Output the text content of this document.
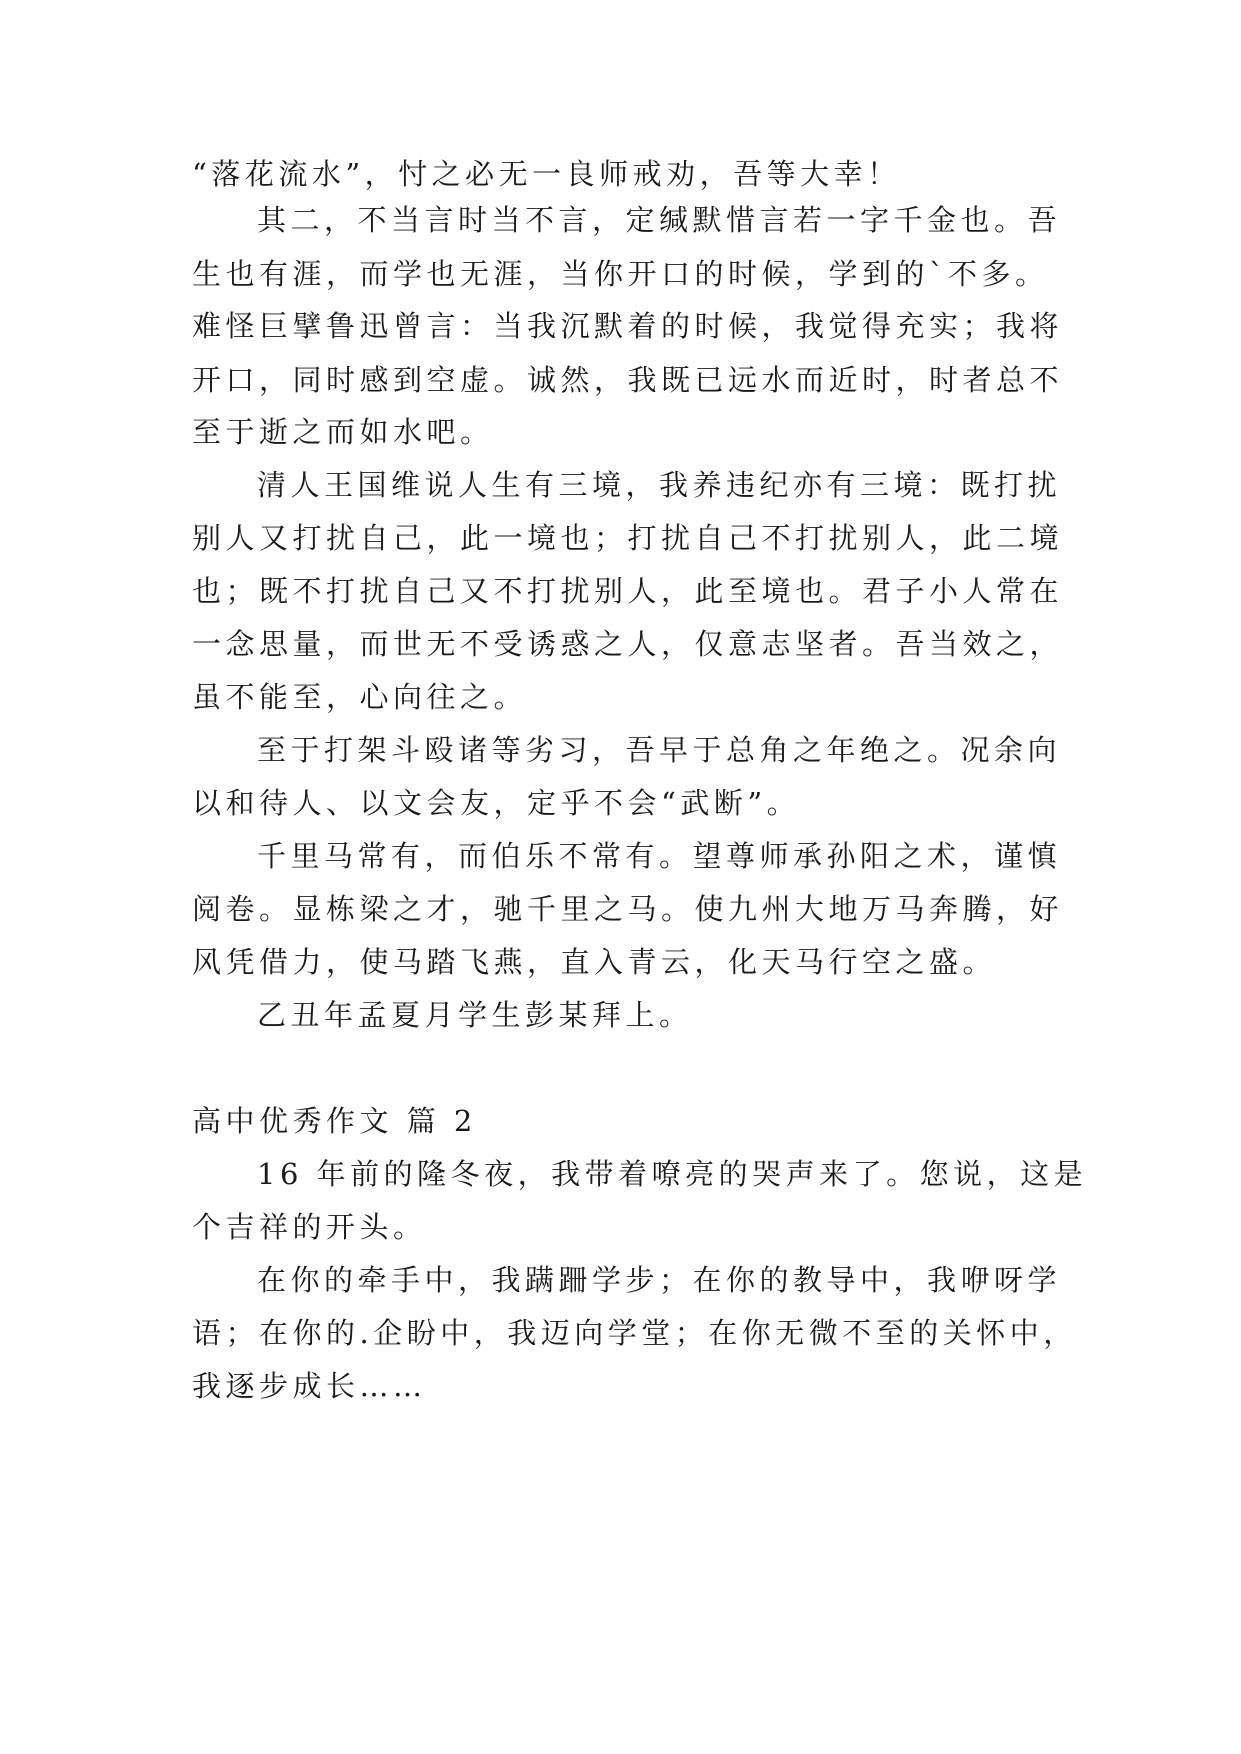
“落花流水”，忖之必无一良师戒劝，吾等大幸！
其二，不当言时当不言，定缄默惜言若一字千金也。吾
生也有涯，而学也无涯，当你开口的时候，学到的`不多。
难怪巨擘鲁迅曾言：当我沉默着的时候，我觉得充实；我将
开口，同时感到空虚。诚然，我既已远水而近时，时者总不
至于逝之而如水吧。
清人王国维说人生有三境，我养违纪亦有三境：既打扰
别人又打扰自己，此一境也；打扰自己不打扰别人，此二境
也；既不打扰自己又不打扰别人，此至境也。君子小人常在
一念思量，而世无不受诱惑之人，仅意志坚者。吾当效之，
虽不能至，心向往之。
至于打架斗殴诸等劣习，吾早于总角之年绝之。况余向
以和待人、以文会友，定乎不会“武断”。
千里马常有，而伯乐不常有。望尊师承孙阳之术，谨慎
阅卷。显栋梁之才，驰千里之马。使九州大地万马奔腾，好
风凭借力，使马踏飞燕，直入青云，化天马行空之盛。
乙丑年孟夏月学生彭某拜上。
高中优秀作文 篇 2
16 年前的隆冬夜，我带着嘹亮的哭声来了。您说，这是
个吉祥的开头。
在你的牵手中，我蹒跚学步；在你的教导中，我咿呀学
语；在你的.企盼中，我迈向学堂；在你无微不至的关怀中，
我逐步成长……
